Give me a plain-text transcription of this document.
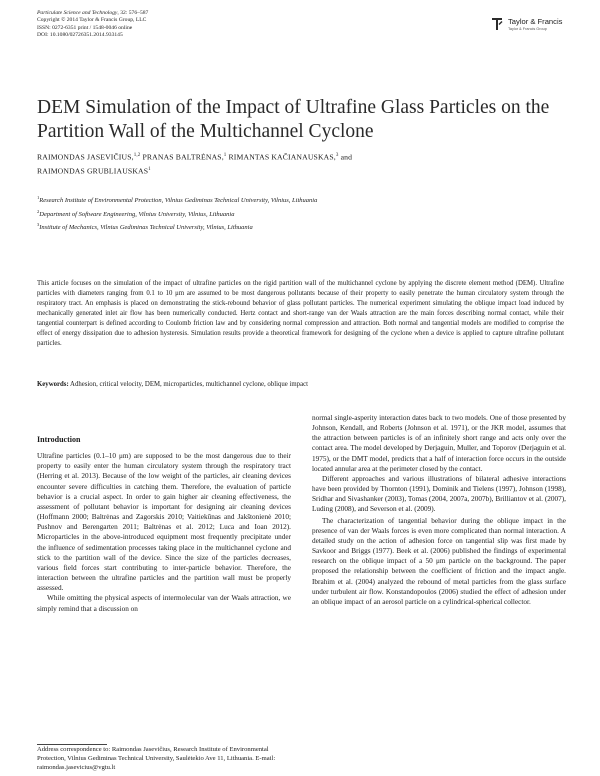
Particulate Science and Technology, 32: 576–587
Copyright © 2014 Taylor & Francis Group, LLC
ISSN: 0272-6351 print / 1548-0046 online
DOI: 10.1080/02726351.2014.933145
Taylor & Francis
Taylor & Francis Group
DEM Simulation of the Impact of Ultrafine Glass Particles on the Partition Wall of the Multichannel Cyclone
RAIMONDAS JASEVIČIUS,$^{1,2}$ PRANAS BALTRĖNAS,$^1$ RIMANTAS KAČIANAUSKAS,$^3$ and
RAIMONDAS GRUBLIAUSKAS$^1$
$^1$Research Institute of Environmental Protection, Vilnius Gediminas Technical University, Vilnius, Lithuania
$^2$Department of Software Engineering, Vilnius University, Vilnius, Lithuania
$^3$Institute of Mechanics, Vilnius Gediminas Technical University, Vilnius, Lithuania

This article focuses on the simulation of the impact of ultrafine particles on the rigid partition wall of the multichannel cyclone by applying the discrete element method (DEM). Ultrafine particles with diameters ranging from 0.1 to 10 μm are assumed to be most dangerous pollutants because of their property to easily penetrate the human circulatory system through the respiratory tract. An emphasis is placed on demonstrating the stick-rebound behavior of glass pollutant particles. The numerical experiment simulating the oblique impact load induced by mechanically generated inlet air flow has been numerically conducted. Hertz contact and short-range van der Waals attraction are the main forces describing normal contact, while their tangential counterpart is defined according to Coulomb friction law and by considering normal compression and attraction. Both normal and tangential models are modified to comprise the effect of energy dissipation due to adhesion hysteresis. Simulation results provide a theoretical framework for designing of the cyclone when a device is applied to capture ultrafine pollutant particles.

Keywords: Adhesion, critical velocity, DEM, microparticles, multichannel cyclone, oblique impact
Introduction

Ultrafine particles (0.1–10 μm) are supposed to be the most dangerous due to their property to easily enter the human circulatory system through the respiratory tract (Herring et al. 2013). Because of the low weight of the particles, air cleaning devices encounter severe difficulties in catching them. Therefore, the evaluation of particle behavior is a crucial aspect. In order to gain higher air cleaning effectiveness, the assessment of pollutant behavior is important for designing air cleaning devices (Hoffmann 2000; Baltrėnas and Zagorskis 2010; Vaitiekūnas and Jakštonienė 2010; Pushnov and Berengarten 2011; Baltrėnas et al. 2012; Luca and Ioan 2012). Microparticles in the above-introduced equipment most frequently precipitate under the influence of sedimentation processes taking place in the multichannel cyclone and stick to the partition wall of the device. Since the size of the particles decreases, various field forces start contributing to inter-particle behavior. Therefore, the interaction between the ultrafine particles and the partition wall must be properly assessed.

While omitting the physical aspects of intermolecular van der Waals attraction, we simply remind that a discussion on

normal single-asperity interaction dates back to two models. One of those presented by Johnson, Kendall, and Roberts (Johnson et al. 1971), or the JKR model, assumes that the attraction between particles is of an infinitely short range and acts only over the contact area. The model developed by Derjaguin, Muller, and Toporov (Derjaguin et al. 1975), or the DMT model, predicts that a half of interaction force occurs in the outside located annular area at the perimeter closed by the contact.

Different approaches and various illustrations of bilateral adhesive interactions have been provided by Thornton (1991), Dominik and Tielens (1997), Johnson (1998), Sridhar and Sivashanker (2003), Tomas (2004, 2007a, 2007b), Brilliantov et al. (2007), Luding (2008), and Severson et al. (2009).

The characterization of tangential behavior during the oblique impact in the presence of van der Waals forces is even more complicated than normal interaction. A detailed study on the action of adhesion force on tangential slip was first made by Savkoor and Briggs (1977). Beek et al. (2006) published the findings of experimental research on the oblique impact of a 50 μm particle on the background. The paper proposed the relationship between the coefficient of friction and the impact angle. Ibrahim et al. (2004) analyzed the rebound of metal particles from the glass surface under turbulent air flow. Konstandopoulos (2006) studied the effect of adhesion under an oblique impact of an aerosol particle on a cylindrical-spherical collector.

Address correspondence to: Raimondas Jasevičius, Research Institute of Environmental Protection, Vilnius Gediminas Technical University, Saulėtekio Ave 11, Lithuania. E-mail: raimondas.jasevicius@vgtu.lt
